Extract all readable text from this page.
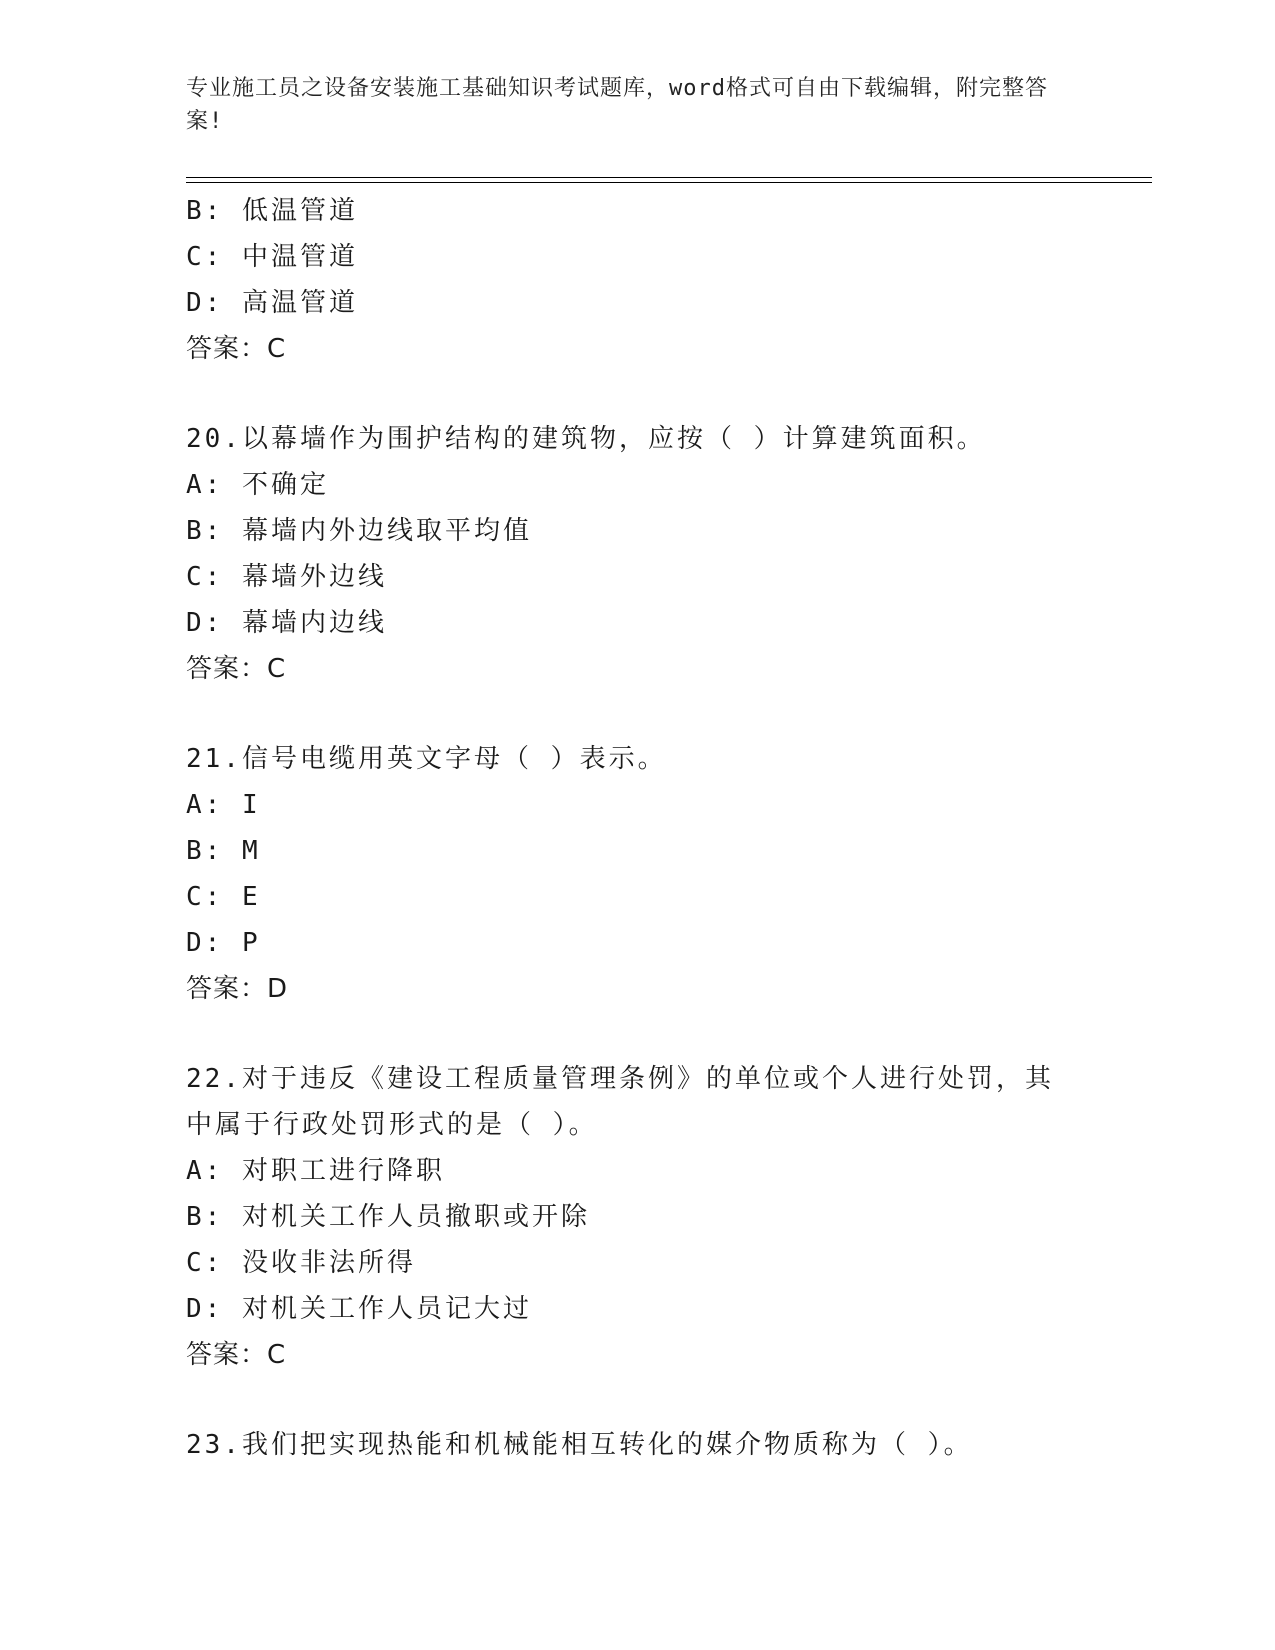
专业施工员之设备安装施工基础知识考试题库，word格式可自由下载编辑，附完整答案!
B: 低温管道
C: 中温管道
D: 高温管道
答案：C
20.以幕墙作为围护结构的建筑物，应按（ ）计算建筑面积。
A: 不确定
B: 幕墙内外边线取平均值
C: 幕墙外边线
D: 幕墙内边线
答案：C
21.信号电缆用英文字母（ ）表示。
A: I
B: M
C: E
D: P
答案：D
22.对于违反《建设工程质量管理条例》的单位或个人进行处罚，其中属于行政处罚形式的是（ ）。
A: 对职工进行降职
B: 对机关工作人员撤职或开除
C: 没收非法所得
D: 对机关工作人员记大过
答案：C
23.我们把实现热能和机械能相互转化的媒介物质称为（ ）。
